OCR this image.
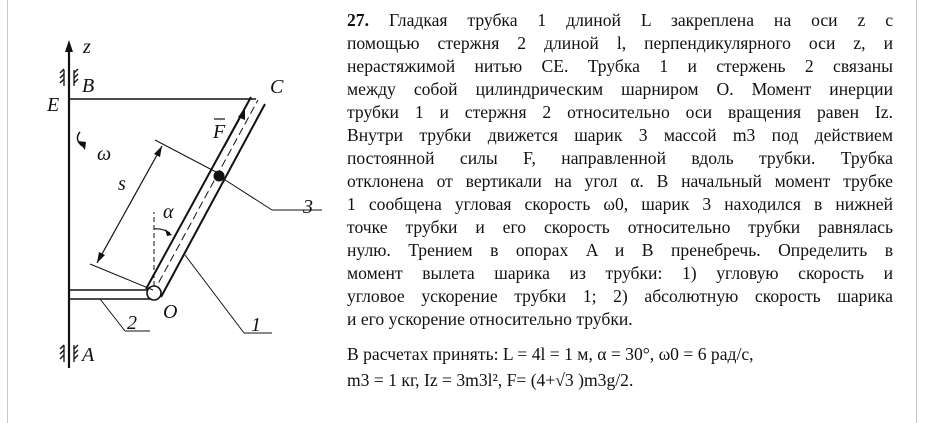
z
B
E
C
F
ω
s
α	3
O
2	1
A
27. Гладкая трубка 1 длиной L закреплена на оси z с
помощью стержня 2 длиной l, перпендикулярного оси z, и
нерастяжимой нитью CE. Трубка 1 и стержень 2 связаны
между собой цилиндрическим шарниром O. Момент инерции
трубки 1 и стержня 2 относительно оси вращения равен Iz.
Внутри трубки движется шарик 3 массой m3 под действием
постоянной силы F, направленной вдоль трубки. Трубка
отклонена от вертикали на угол α. В начальный момент трубке
1 сообщена угловая скорость ω0, шарик 3 находился в нижней
точке трубки и его скорость относительно трубки равнялась
нулю. Трением в опорах A и B пренебречь. Определить в
момент вылета шарика из трубки: 1) угловую скорость и
угловое ускорение трубки 1; 2) абсолютную скорость шарика
и его ускорение относительно трубки.
В расчетах принять: L = 4l = 1 м, α = 30°, ω0 = 6 рад/с,
m3 = 1 кг, Iz = 3m3l², F= (4+√3 )m3g/2.
